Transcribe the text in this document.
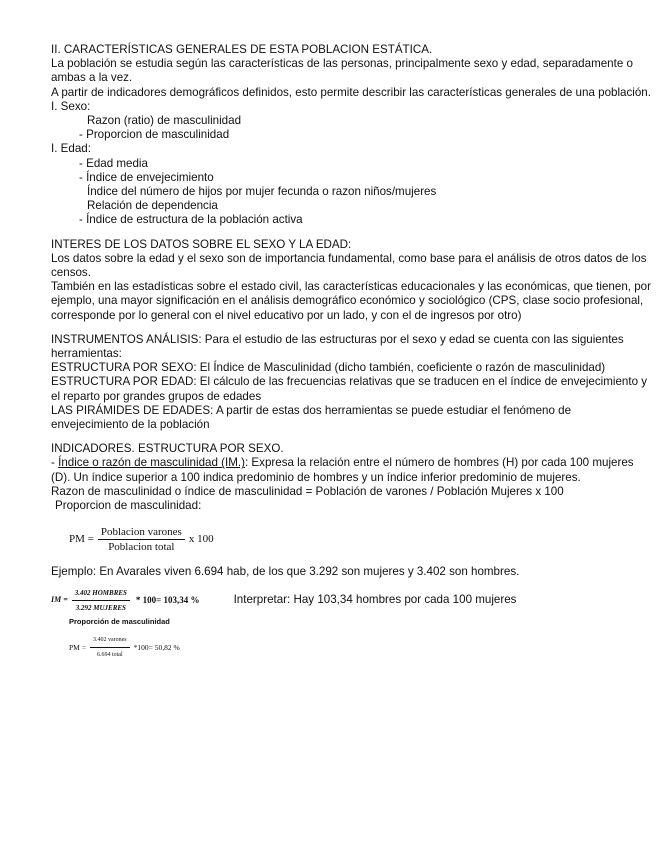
II. CARACTERÍSTICAS GENERALES DE ESTA POBLACION ESTÁTICA.

La población se estudia según las características de las personas, principalmente sexo y edad, separadamente o ambas a la vez.

A partir de indicadores demográficos definidos, esto permite describir las características generales de una población.

I. Sexo:

Razon (ratio) de masculinidad

- Proporcion de masculinidad

I. Edad:

- Edad media

- Índice de envejecimiento

Índice del número de hijos por mujer fecunda o razon niños/mujeres

Relación de dependencia

- Índice de estructura de la población activa

INTERES DE LOS DATOS SOBRE EL SEXO Y LA EDAD:

Los datos sobre la edad y el sexo son de importancia fundamental, como base para el análisis de otros datos de los censos.

También en las estadísticas sobre el estado civil, las características educacionales y las económicas, que tienen, por ejemplo, una mayor significación en el análisis demográfico económico y sociológico (CPS, clase socio profesional, corresponde por lo general con el nivel educativo por un lado, y con el de ingresos por otro)

INSTRUMENTOS ANÁLISIS: Para el estudio de las estructuras por el sexo y edad se cuenta con las siguientes herramientas:

ESTRUCTURA POR SEXO: El Índice de Masculinidad (dicho también, coeficiente o razón de masculinidad)

ESTRUCTURA POR EDAD: El cálculo de las frecuencias relativas que se traducen en el índice de envejecimiento y el reparto por grandes grupos de edades

LAS PIRÁMIDES DE EDADES: A partir de estas dos herramientas se puede estudiar el fenómeno de envejecimiento de la población

INDICADORES. ESTRUCTURA POR SEXO.

- Índice o razón de masculinidad (IM.): Expresa la relación entre el número de hombres (H) por cada 100 mujeres (D). Un índice superior a 100 indica predominio de hombres y un índice inferior predominio de mujeres.

Razon de masculinidad o índice de masculinidad = Población de varones / Población Mujeres x 100

Proporcion de masculinidad:

PM = $\frac{\text{Poblacion varones}}{\text{Poblacion total}}$ x 100

Ejemplo: En Avarales viven 6.694 hab, de los que 3.292 son mujeres y 3.402 son hombres.

IM = $\frac{\text{3.402 HOMBRES}}{\text{3.292 MUJERES}} * 100= 103,34$ %	Interpretar: Hay 103,34 hombres por cada 100 mujeres

Proporción de masculinidad

PM = $\frac{\text{3.402 varones}}{\text{6.694 total}} *100= 50,82$ %
